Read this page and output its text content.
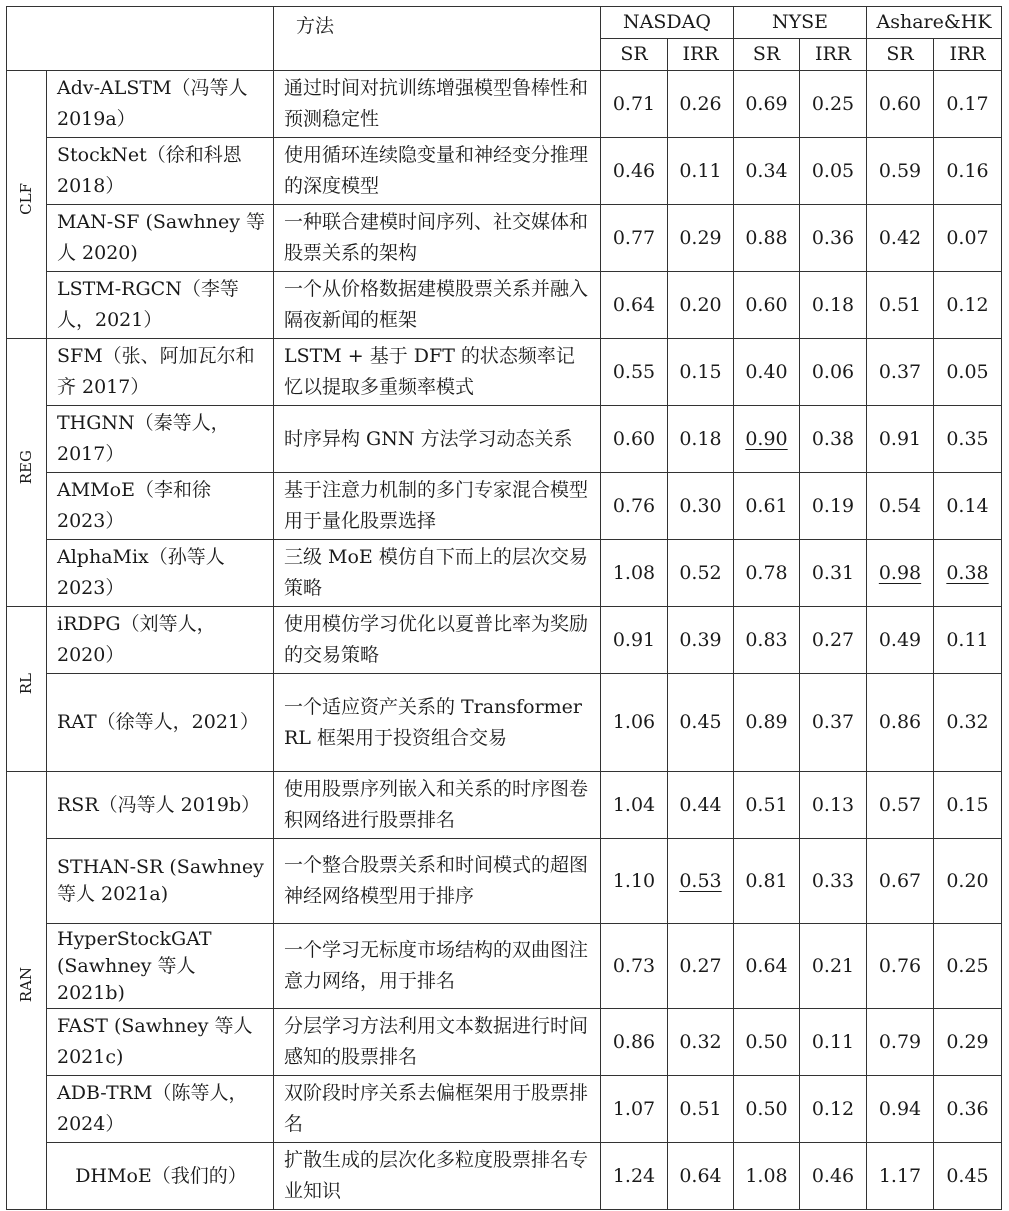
		方法	NASDAQ		NYSE		Ashare&HK	
			SR	IRR	SR	IRR	SR	IRR
CLF	Adv-ALSTM（冯等人 2019a）	通过时间对抗训练增强模型鲁棒性和预测稳定性	0.71	0.26	0.69	0.25	0.60	0.17
	StockNet（徐和科恩 2018）	使用循环连续隐变量和神经变分推理的深度模型	0.46	0.11	0.34	0.05	0.59	0.16
	MAN-SF (Sawhney 等人 2020)	一种联合建模时间序列、社交媒体和股票关系的架构	0.77	0.29	0.88	0.36	0.42	0.07
	LSTM-RGCN（李等人，2021）	一个从价格数据建模股票关系并融入隔夜新闻的框架	0.64	0.20	0.60	0.18	0.51	0.12
REG	SFM（张、阿加瓦尔和齐 2017）	LSTM + 基于 DFT 的状态频率记忆以提取多重频率模式	0.55	0.15	0.40	0.06	0.37	0.05
	THGNN（秦等人，2017）	时序异构 GNN 方法学习动态关系	0.60	0.18	0.90	0.38	0.91	0.35
	AMMoE（李和徐 2023）	基于注意力机制的多门专家混合模型用于量化股票选择	0.76	0.30	0.61	0.19	0.54	0.14
	AlphaMix（孙等人 2023）	三级 MoE 模仿自下而上的层次交易策略	1.08	0.52	0.78	0.31	0.98	0.38
RL	iRDPG（刘等人，2020）	使用模仿学习优化以夏普比率为奖励的交易策略	0.91	0.39	0.83	0.27	0.49	0.11
	RAT（徐等人，2021）	一个适应资产关系的 Transformer RL 框架用于投资组合交易	1.06	0.45	0.89	0.37	0.86	0.32
RAN	RSR（冯等人 2019b）	使用股票序列嵌入和关系的时序图卷积网络进行股票排名	1.04	0.44	0.51	0.13	0.57	0.15
	STHAN-SR (Sawhney 等人 2021a)	一个整合股票关系和时间模式的超图神经网络模型用于排序	1.10	0.53	0.81	0.33	0.67	0.20
	HyperStockGAT (Sawhney 等人 2021b)	一个学习无标度市场结构的双曲图注意力网络，用于排名	0.73	0.27	0.64	0.21	0.76	0.25
	FAST (Sawhney 等人 2021c)	分层学习方法利用文本数据进行时间感知的股票排名	0.86	0.32	0.50	0.11	0.79	0.29
	ADB-TRM（陈等人，2024）	双阶段时序关系去偏框架用于股票排名	1.07	0.51	0.50	0.12	0.94	0.36
	DHMoE（我们的）	扩散生成的层次化多粒度股票排名专业知识	1.24	0.64	1.08	0.46	1.17	0.45
